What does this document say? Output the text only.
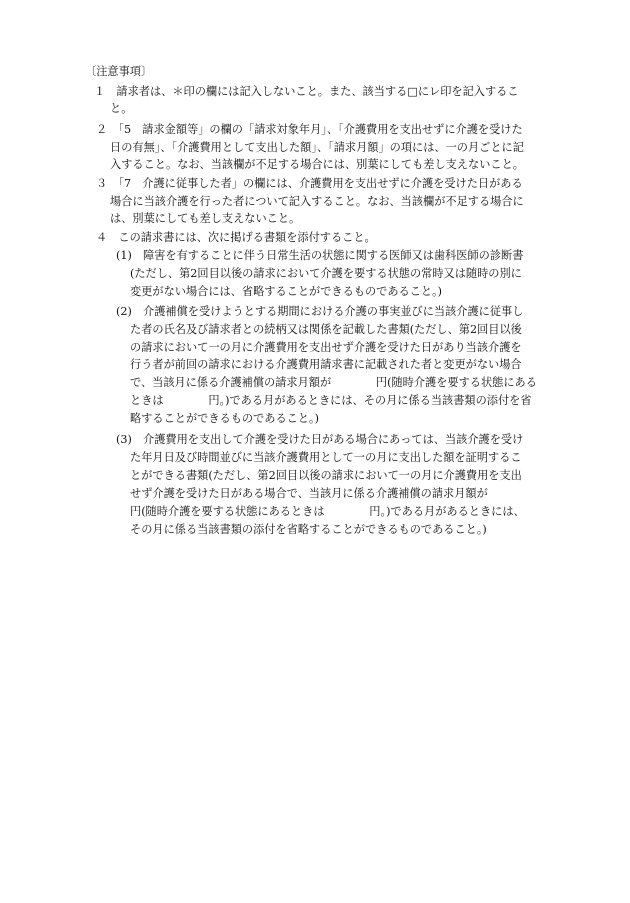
〔注意事項〕
１　請求者は、＊印の欄には記入しないこと。また、該当する□にレ印を記入するこ
と。
２　「5　請求金額等」の欄の「請求対象年月」、「介護費用を支出せずに介護を受けた
日の有無」、「介護費用として支出した額」、「請求月額」の項には、一の月ごとに記
入すること。なお、当該欄が不足する場合には、別葉にしても差し支えないこと。
３　「7　介護に従事した者」の欄には、介護費用を支出せずに介護を受けた日がある
場合に当該介護を行った者について記入すること。なお、当該欄が不足する場合に
は、別葉にしても差し支えないこと。
４　この請求書には、次に掲げる書類を添付すること。
(1)　障害を有することに伴う日常生活の状態に関する医師又は歯科医師の診断書
(ただし、第2回目以後の請求において介護を要する状態の常時又は随時の別に
変更がない場合には、省略することができるものであること。)
(2)　介護補償を受けようとする期間における介護の事実並びに当該介護に従事し
た者の氏名及び請求者との続柄又は関係を記載した書類(ただし、第2回目以後
の請求において一の月に介護費用を支出せず介護を受けた日があり当該介護を
行う者が前回の請求における介護費用請求書に記載された者と変更がない場合
で、当該月に係る介護補償の請求月額が　　　　円(随時介護を要する状態にある
ときは　　　　円。)である月があるときには、その月に係る当該書類の添付を省
略することができるものであること。)
(3)　介護費用を支出して介護を受けた日がある場合にあっては、当該介護を受け
た年月日及び時間並びに当該介護費用として一の月に支出した額を証明するこ
とができる書類(ただし、第2回目以後の請求において一の月に介護費用を支出
せず介護を受けた日がある場合で、当該月に係る介護補償の請求月額が
円(随時介護を要する状態にあるときは　　　　円。)である月があるときには、
その月に係る当該書類の添付を省略することができるものであること。)
